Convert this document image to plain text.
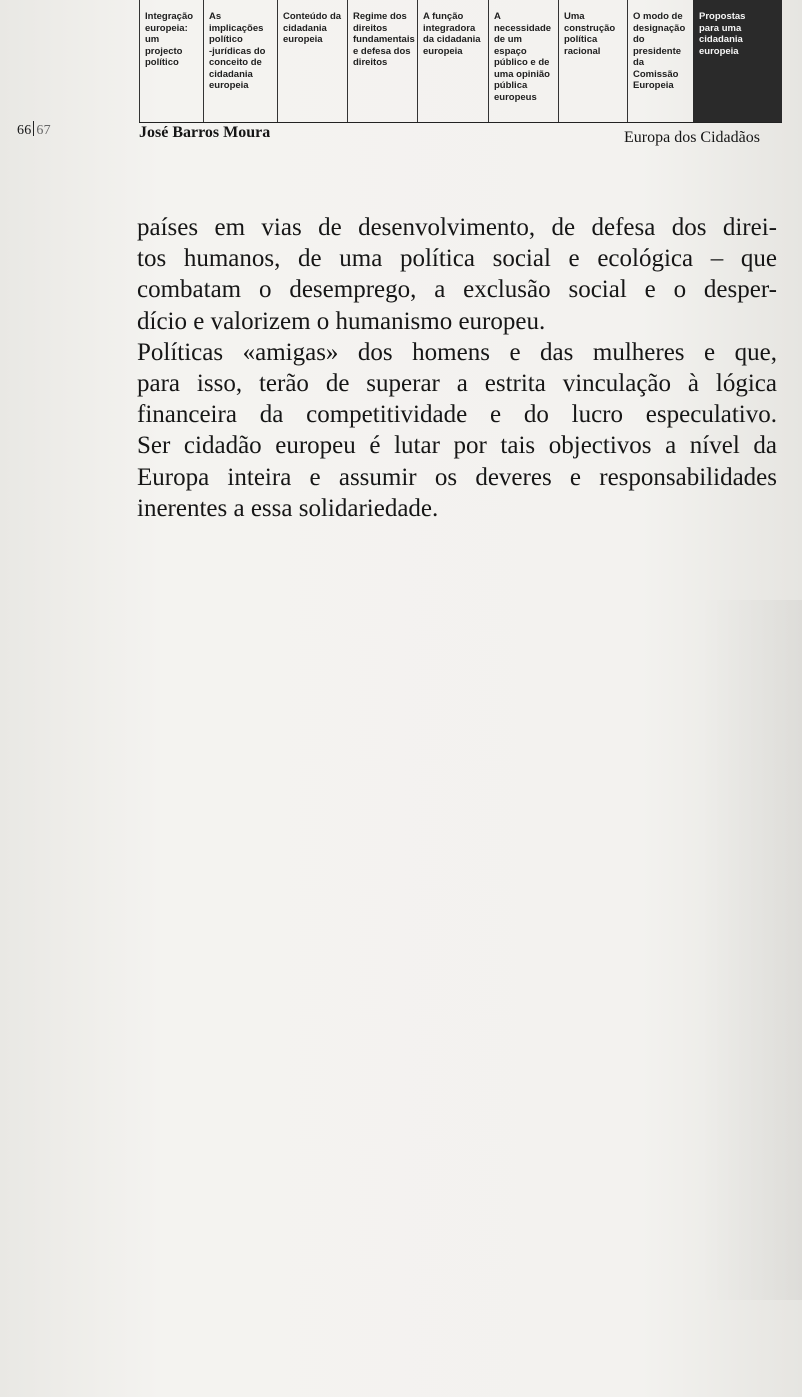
Integração
europeia: um
projecto
político
As
implicações
político
-jurídicas do
conceito de
cidadania
europeia
Conteúdo da
cidadania
europeia
Regime dos
direitos
fundamentais
e defesa dos
direitos
A função
integradora
da cidadania
europeia
A
necessidade
de um
espaço
público e de
uma opinião
pública
europeus
Uma
construção
política
racional
O modo de
designação
do
presidente
da Comissão
Europeia
Propostas
para uma
cidadania
europeia
66 67	José Barros Moura	Europa dos Cidadãos

países em vias de desenvolvimento, de defesa dos direi-
tos humanos, de uma política social e ecológica – que
combatam o desemprego, a exclusão social e o desper-
dício e valorizem o humanismo europeu.

Políticas «amigas» dos homens e das mulheres e que,
para isso, terão de superar a estrita vinculação à lógica
financeira da competitividade e do lucro especulativo.
Ser cidadão europeu é lutar por tais objectivos a nível da
Europa inteira e assumir os deveres e responsabilidades
inerentes a essa solidariedade.
